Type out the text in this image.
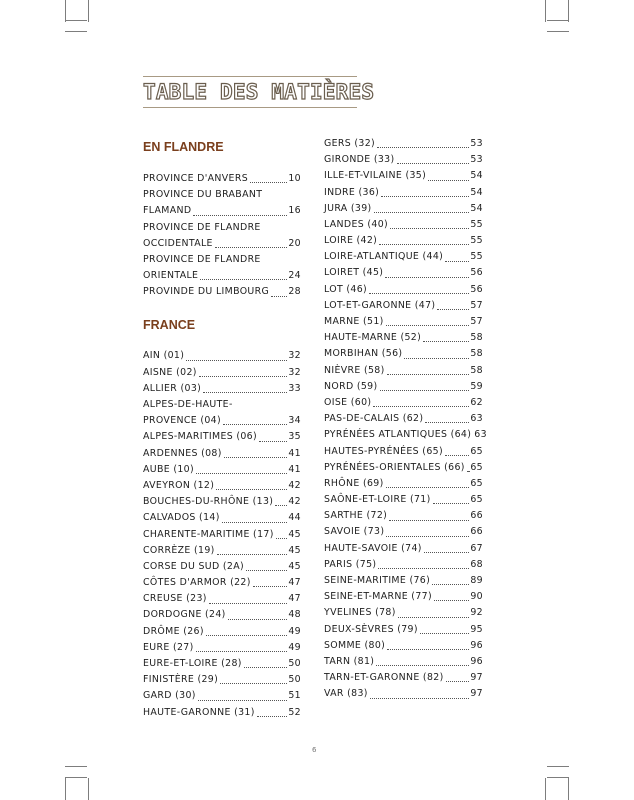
TABLE DES MATIÈRES
EN FLANDRE
PROVINCE D'ANVERS	10
PROVINCE DU BRABANT
FLAMAND	16
PROVINCE DE FLANDRE
OCCIDENTALE	20
PROVINCE DE FLANDRE
ORIENTALE	24
PROVINDE DU LIMBOURG 28
FRANCE
AIN (01)	32
AISNE (02)	32
ALLIER (03)	33
ALPES-DE-HAUTE-
PROVENCE (04)	34
ALPES-MARITIMES (06)	35
ARDENNES (08)	41
AUBE (10)	41
AVEYRON (12)	42
BOUCHES-DU-RHÔNE (13) 42
CALVADOS (14)	44
CHARENTE-MARITIME (17) 45
CORRÈZE (19)	45
CORSE DU SUD (2A)	45
CÔTES D'ARMOR (22)	47
CREUSE (23)	47
DORDOGNE (24)	48
DRÔME (26)	49
EURE (27)	49
EURE-ET-LOIRE (28)	50
FINISTÈRE (29)	50
GARD (30)	51
HAUTE-GARONNE (31)	52
GERS (32)	53
GIRONDE (33)	53
ILLE-ET-VILAINE (35)	54
INDRE (36)	54
JURA (39)	54
LANDES (40)	55
LOIRE (42)	55
LOIRE-ATLANTIQUE (44)	55
LOIRET (45)	56
LOT (46)	56
LOT-ET-GARONNE (47)	57
MARNE (51)	57
HAUTE-MARNE (52)	58
MORBIHAN (56)	58
NIÈVRE (58)	58
NORD (59)	59
OISE (60)	62
PAS-DE-CALAIS (62)	63
PYRÉNÉES ATLANTIQUES (64) 63
HAUTES-PYRÉNÉES (65)	65
PYRÉNÉES-ORIENTALES (66) 65
RHÔNE (69)	65
SAÔNE-ET-LOIRE (71)	65
SARTHE (72)	66
SAVOIE (73)	66
HAUTE-SAVOIE (74)	67
PARIS (75)	68
SEINE-MARITIME (76)	89
SEINE-ET-MARNE (77)	90
YVELINES (78)	92
DEUX-SÈVRES (79)	95
SOMME (80)	96
TARN (81)	96
TARN-ET-GARONNE (82)	97
VAR (83)	97
6
